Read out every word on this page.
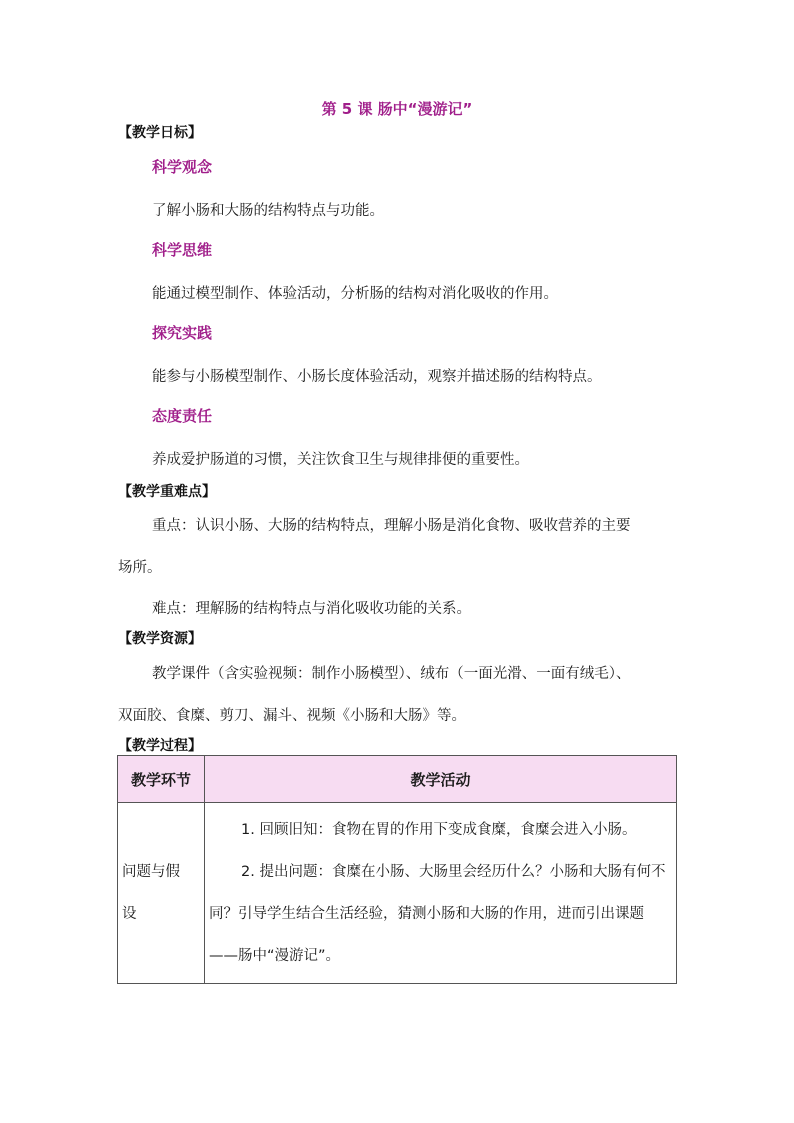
第 5 课 肠中“漫游记”
【教学日标】
科学观念
了解小肠和大肠的结构特点与功能。
科学思维
能通过模型制作、体验活动，分析肠的结构对消化吸收的作用。
探究实践
能参与小肠模型制作、小肠长度体验活动，观察并描述肠的结构特点。
态度责任
养成爱护肠道的习惯，关注饮食卫生与规律排便的重要性。
【教学重难点】
重点：认识小肠、大肠的结构特点，理解小肠是消化食物、吸收营养的主要
场所。
难点：理解肠的结构特点与消化吸收功能的关系。
【教学资源】
教学课件（含实验视频：制作小肠模型）、绒布（一面光滑、一面有绒毛）、
双面胶、食糜、剪刀、漏斗、视频《小肠和大肠》等。
【教学过程】
教学环节	教学活动

问题与假
设	1. 回顾旧知：食物在胃的作用下变成食糜，食糜会进入小肠。
2. 提出问题：食糜在小肠、大肠里会经历什么？小肠和大肠有何不
同？引导学生结合生活经验，猜测小肠和大肠的作用，进而引出课题
——肠中“漫游记”。
